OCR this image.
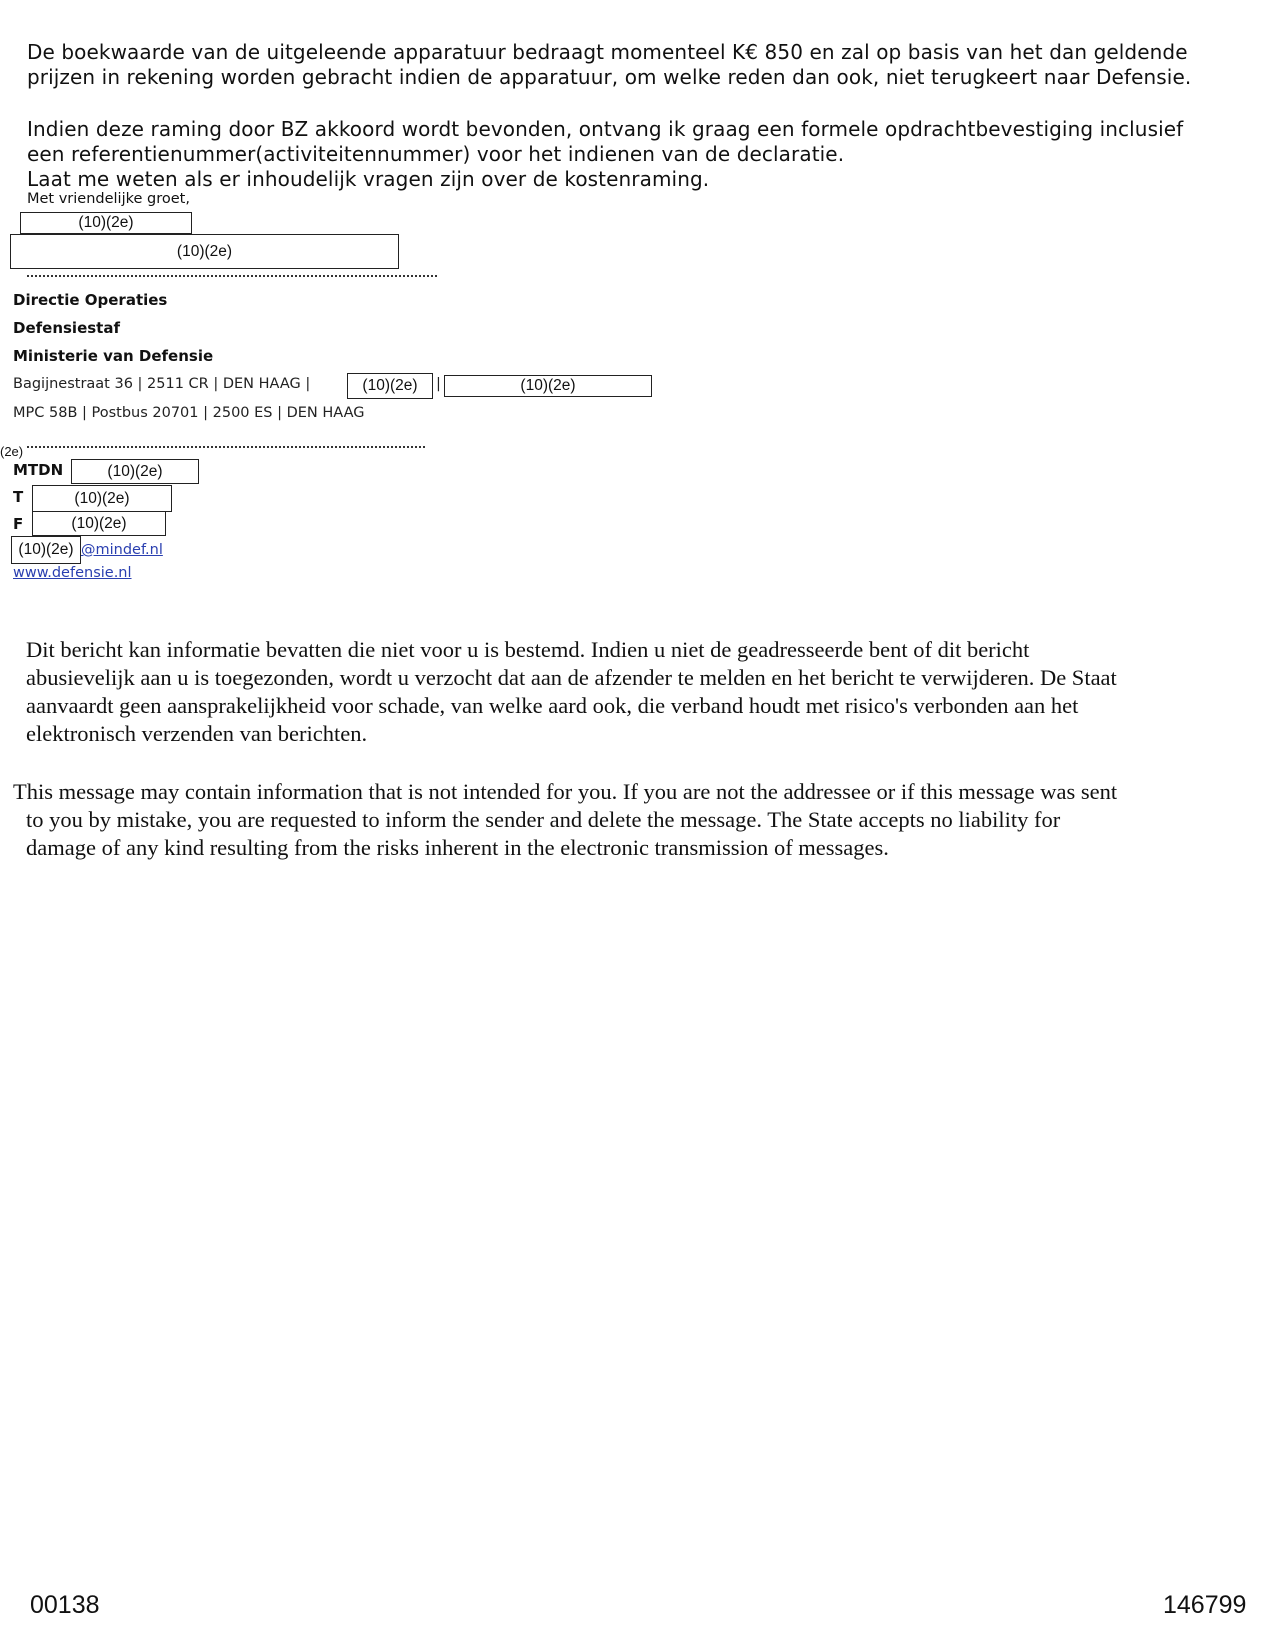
De boekwaarde van de uitgeleende apparatuur bedraagt momenteel K€ 850 en zal op basis van het dan geldende
prijzen in rekening worden gebracht indien de apparatuur, om welke reden dan ook, niet terugkeert naar Defensie.
Indien deze raming door BZ akkoord wordt bevonden, ontvang ik graag een formele opdrachtbevestiging inclusief
een referentienummer(activiteitennummer) voor het indienen van de declaratie.
Laat me weten als er inhoudelijk vragen zijn over de kostenraming.
Met vriendelijke groet,
(10)(2e)
(10)(2e)
Directie Operaties
Defensiestaf
Ministerie van Defensie
Bagijnestraat 36 | 2511 CR | DEN HAAG |	(10)(2e)	|	(10)(2e)
MPC 58B | Postbus 20701 | 2500 ES | DEN HAAG
(2e)
MTDN	(10)(2e)
T	(10)(2e)
F	(10)(2e)
(10)(2e) @mindef.nl
www.defensie.nl
Dit bericht kan informatie bevatten die niet voor u is bestemd. Indien u niet de geadresseerde bent of dit bericht
abusievelijk aan u is toegezonden, wordt u verzocht dat aan de afzender te melden en het bericht te verwijderen. De Staat
aanvaardt geen aansprakelijkheid voor schade, van welke aard ook, die verband houdt met risico's verbonden aan het
elektronisch verzenden van berichten.
This message may contain information that is not intended for you. If you are not the addressee or if this message was sent
to you by mistake, you are requested to inform the sender and delete the message. The State accepts no liability for
damage of any kind resulting from the risks inherent in the electronic transmission of messages.
00138	146799
